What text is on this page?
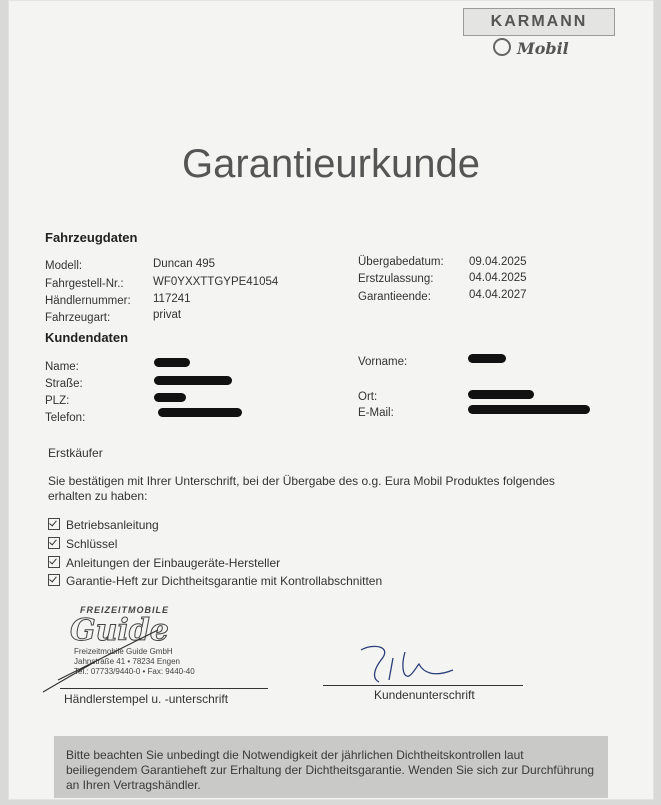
KARMANN
Mobil
Garantieurkunde
Fahrzeugdaten
Modell:	Duncan 495
Fahrgestell-Nr.:	WF0YXXTTGYPE41054
Händlernummer: 117241
Fahrzeugart:	privat
Übergabedatum: 09.04.2025
Erstzulassung:	04.04.2025
Garantieende:	04.04.2027
Kundendaten
Name:
Straße:
PLZ:
Telefon:
Vorname:
Ort:
E-Mail:
Erstkäufer
Sie bestätigen mit Ihrer Unterschrift, bei der Übergabe des o.g. Eura Mobil Produktes folgendes
erhalten zu haben:
Betriebsanleitung
Schlüssel
Anleitungen der Einbaugeräte-Hersteller
Garantie-Heft zur Dichtheitsgarantie mit Kontrollabschnitten
FREIZEITMOBILE
Guide
Freizeitmobile Guide GmbH
Jahnstraße 41 • 78234 Engen
Tel.: 07733/9440-0 • Fax: 9440-40
Händlerstempel u. -unterschrift	Kundenunterschrift
Bitte beachten Sie unbedingt die Notwendigkeit der jährlichen Dichtheitskontrollen laut beiliegendem Garantieheft zur Erhaltung der Dichtheitsgarantie. Wenden Sie sich zur Durchführung an Ihren Vertragshändler.
